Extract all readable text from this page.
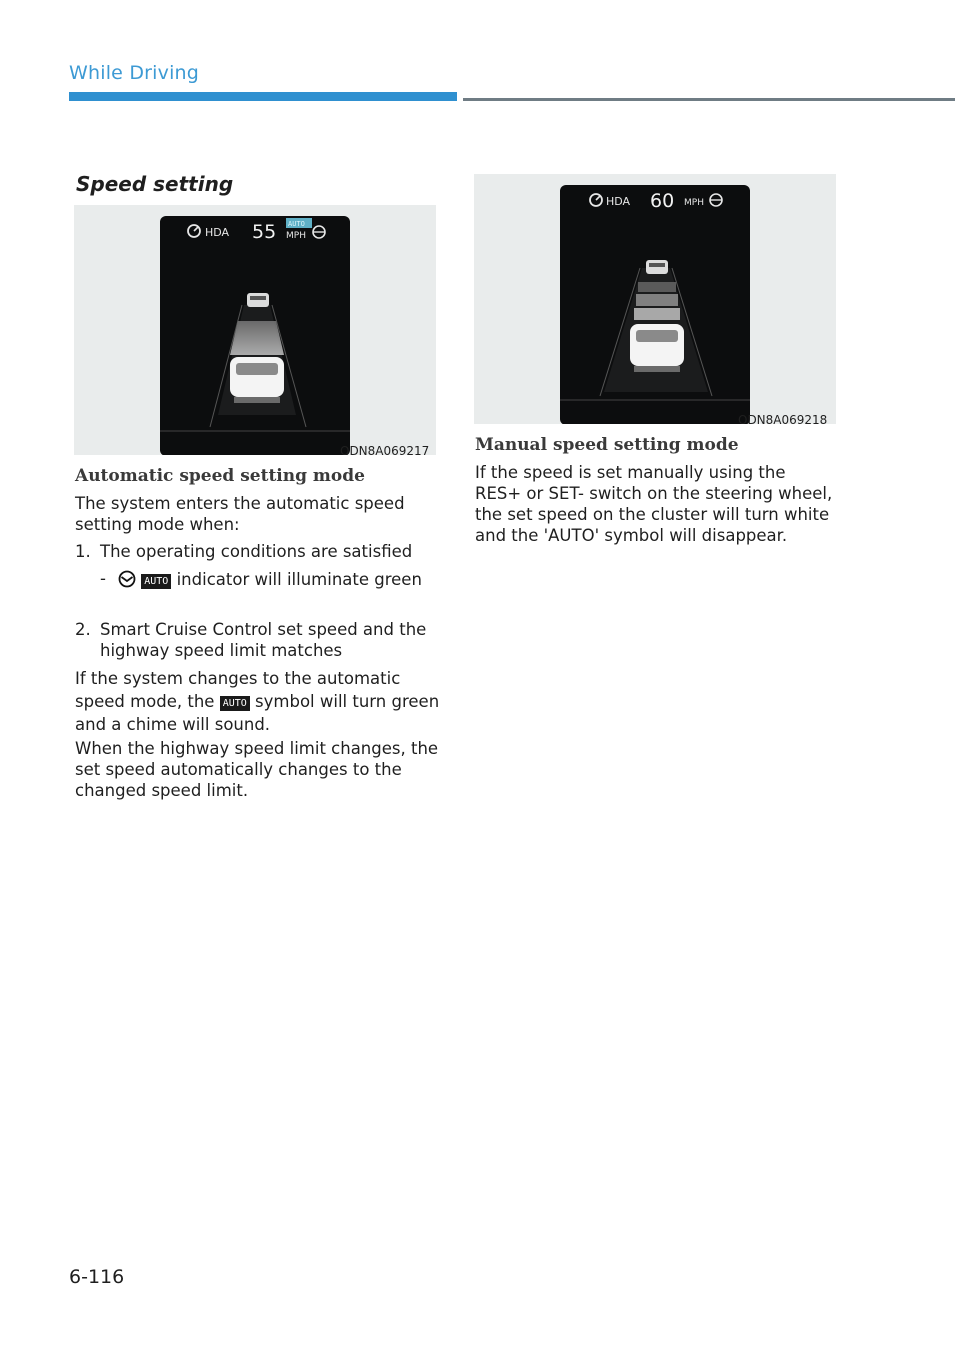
While Driving
Speed setting
HDA 55 AUTO
MPH
ODN8A069217
HDA 60 MPH
ODN8A069218
Automatic speed setting mode
The system enters the automatic speed setting mode when:
1. The operating conditions are satisfied
-	AUTO indicator will illuminate green
2. Smart Cruise Control set speed and the highway speed limit matches
If the system changes to the automatic speed mode, the AUTO symbol will turn green and a chime will sound.
When the highway speed limit changes, the set speed automatically changes to the changed speed limit.
Manual speed setting mode
If the speed is set manually using the RES+ or SET- switch on the steering wheel, the set speed on the cluster will turn white and the 'AUTO' symbol will disappear.
6-116
